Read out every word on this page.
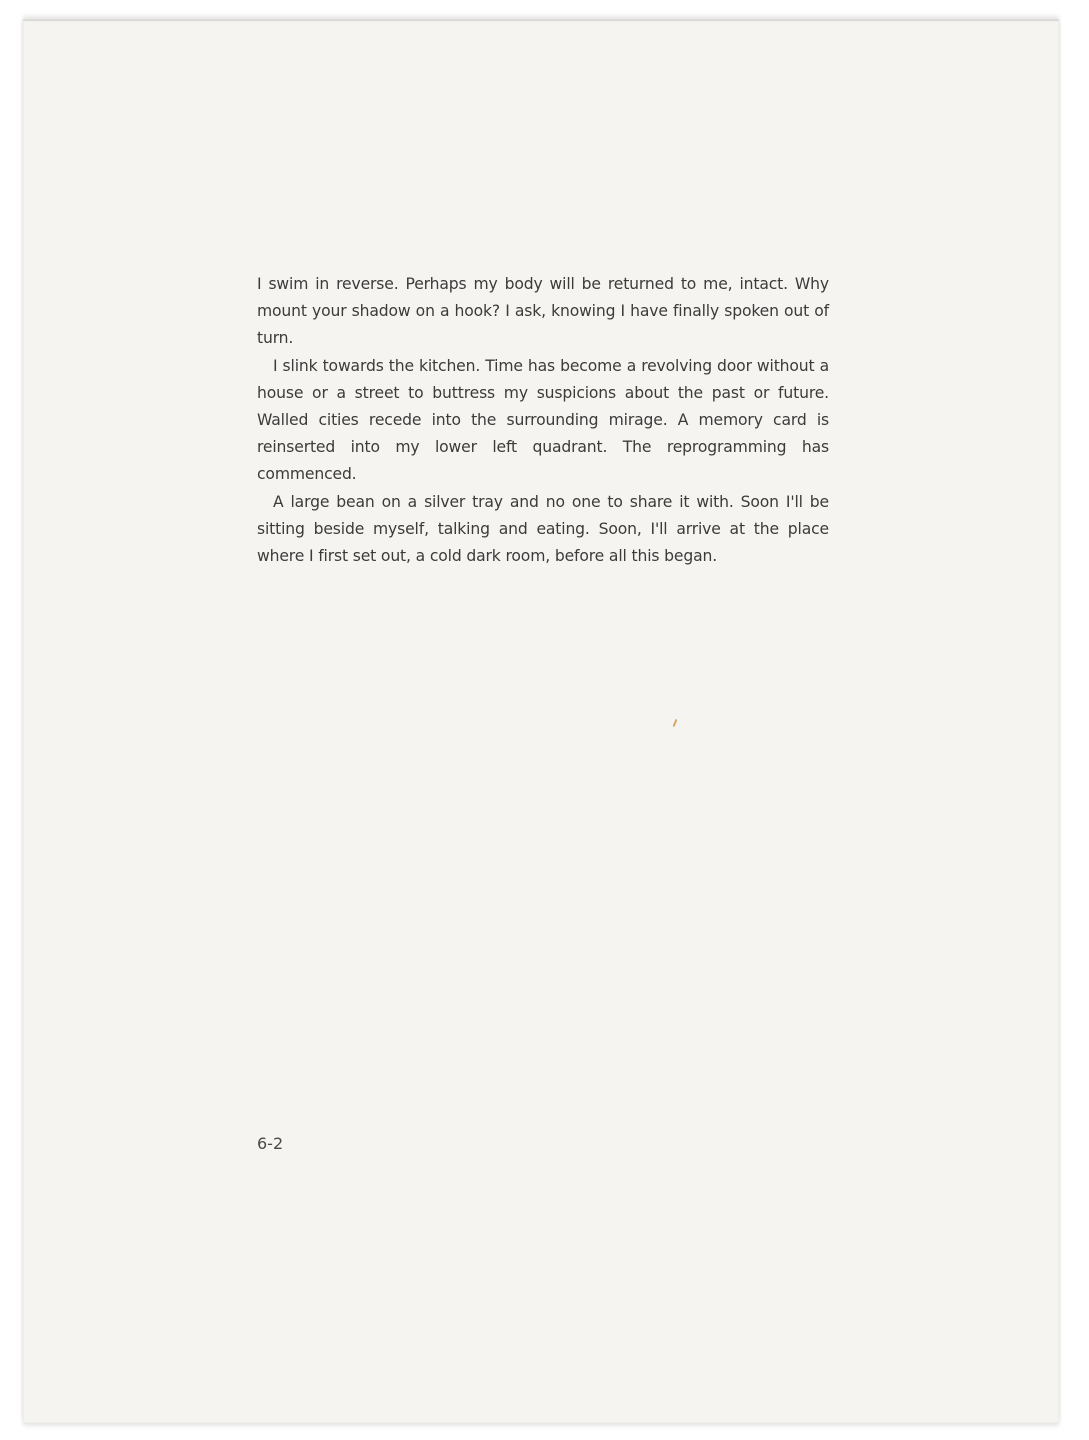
I swim in reverse. Perhaps my body will be returned to me, intact. Why mount your shadow on a hook? I ask, knowing I have finally spoken out of turn.

I slink towards the kitchen. Time has become a revolving door without a house or a street to buttress my suspicions about the past or future. Walled cities recede into the surrounding mirage. A memory card is reinserted into my lower left quadrant. The reprogramming has commenced.

A large bean on a silver tray and no one to share it with. Soon I'll be sitting beside myself, talking and eating. Soon, I'll arrive at the place where I first set out, a cold dark room, before all this began.

6-2
